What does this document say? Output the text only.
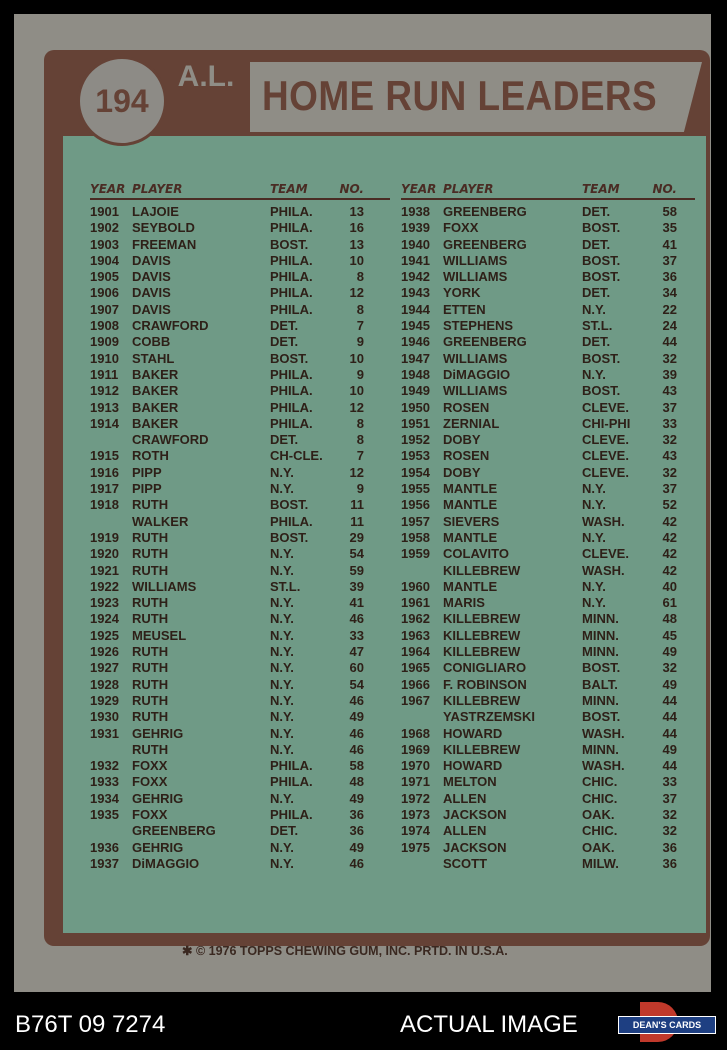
194
A.L. HOME RUN LEADERS
YEAR PLAYER	TEAM	NO.
1901 LAJOIE	PHILA.	13
1902 SEYBOLD	PHILA.	16
1903 FREEMAN	BOST.	13
1904 DAVIS	PHILA.	10
1905 DAVIS	PHILA.	8
1906 DAVIS	PHILA.	12
1907 DAVIS	PHILA.	8
1908 CRAWFORD	DET.	7
1909 COBB	DET.	9
1910 STAHL	BOST.	10
1911 BAKER	PHILA.	9
1912 BAKER	PHILA.	10
1913 BAKER	PHILA.	12
1914 BAKER	PHILA.	8
CRAWFORD	DET.	8
1915 ROTH	CH-CLE.	7
1916 PIPP	N.Y.	12
1917 PIPP	N.Y.	9
1918 RUTH	BOST.	11
WALKER	PHILA.	11
1919 RUTH	BOST.	29
1920 RUTH	N.Y.	54
1921 RUTH	N.Y.	59
1922 WILLIAMS	ST.L.	39
1923 RUTH	N.Y.	41
1924 RUTH	N.Y.	46
1925 MEUSEL	N.Y.	33
1926 RUTH	N.Y.	47
1927 RUTH	N.Y.	60
1928 RUTH	N.Y.	54
1929 RUTH	N.Y.	46
1930 RUTH	N.Y.	49
1931 GEHRIG	N.Y.	46
RUTH	N.Y.	46
1932 FOXX	PHILA.	58
1933 FOXX	PHILA.	48
1934 GEHRIG	N.Y.	49
1935 FOXX	PHILA.	36
GREENBERG	DET.	36
1936 GEHRIG	N.Y.	49
1937 DiMAGGIO	N.Y.	46
YEAR PLAYER	TEAM	NO.
1938 GREENBERG	DET.	58
1939 FOXX	BOST.	35
1940 GREENBERG	DET.	41
1941 WILLIAMS	BOST.	37
1942 WILLIAMS	BOST.	36
1943 YORK	DET.	34
1944 ETTEN	N.Y.	22
1945 STEPHENS	ST.L.	24
1946 GREENBERG	DET.	44
1947 WILLIAMS	BOST.	32
1948 DiMAGGIO	N.Y.	39
1949 WILLIAMS	BOST.	43
1950 ROSEN	CLEVE.	37
1951 ZERNIAL	CHI-PHI 33
1952 DOBY	CLEVE.	32
1953 ROSEN	CLEVE.	43
1954 DOBY	CLEVE.	32
1955 MANTLE	N.Y.	37
1956 MANTLE	N.Y.	52
1957 SIEVERS	WASH.	42
1958 MANTLE	N.Y.	42
1959 COLAVITO	CLEVE.	42
KILLEBREW	WASH.	42
1960 MANTLE	N.Y.	40
1961 MARIS	N.Y.	61
1962 KILLEBREW	MINN.	48
1963 KILLEBREW	MINN.	45
1964 KILLEBREW	MINN.	49
1965 CONIGLIARO	BOST.	32
1966 F. ROBINSON	BALT.	49
1967 KILLEBREW	MINN.	44
YASTRZEMSKI	BOST.	44
1968 HOWARD	WASH.	44
1969 KILLEBREW	MINN.	49
1970 HOWARD	WASH.	44
1971 MELTON	CHIC.	33
1972 ALLEN	CHIC.	37
1973 JACKSON	OAK.	32
1974 ALLEN	CHIC.	32
1975 JACKSON	OAK.	36
SCOTT	MILW.	36
✱ © 1976 TOPPS CHEWING GUM, INC. PRTD. IN U.S.A.
B76T 09 7274	ACTUAL IMAGE	DEAN'S CARDS
